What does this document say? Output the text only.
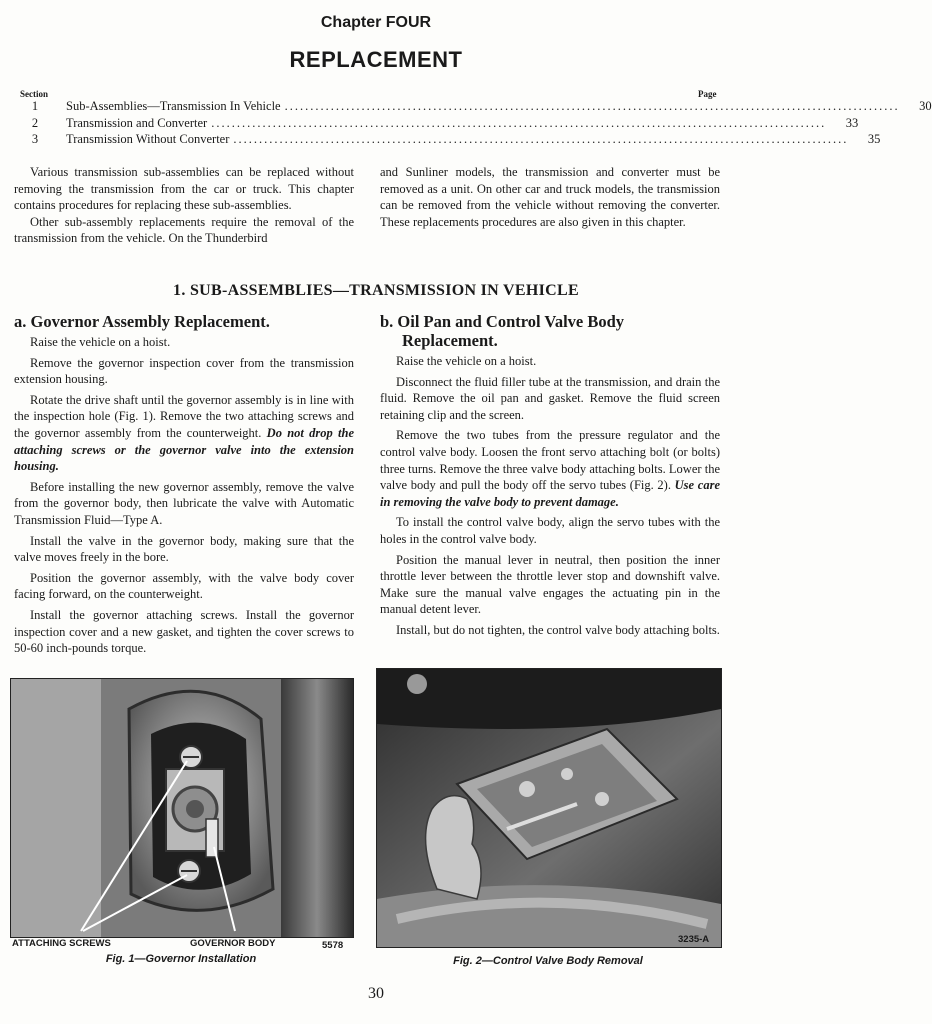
Chapter FOUR
REPLACEMENT
Section	Page
1	Sub-Assemblies—Transmission In Vehicle ........................................................................................................................	30
2	Transmission and Converter ........................................................................................................................	33
3	Transmission Without Converter ........................................................................................................................	35

Various transmission sub-assemblies can be replaced without removing the transmission from the car or truck. This chapter contains procedures for replacing these sub-assemblies.

Other sub-assembly replacements require the removal of the transmission from the vehicle. On the Thunderbird

and Sunliner models, the transmission and converter must be removed as a unit. On other car and truck models, the transmission can be removed from the vehicle without removing the converter. These replacements procedures are also given in this chapter.

1. SUB-ASSEMBLIES—TRANSMISSION IN VEHICLE
a. Governor Assembly Replacement.

Raise the vehicle on a hoist.

Remove the governor inspection cover from the transmission extension housing.

Rotate the drive shaft until the governor assembly is in line with the inspection hole (Fig. 1). Remove the two attaching screws and the governor assembly from the counterweight. Do not drop the attaching screws or the governor valve into the extension housing.

Before installing the new governor assembly, remove the valve from the governor body, then lubricate the valve with Automatic Transmission Fluid—Type A.

Install the valve in the governor body, making sure that the valve moves freely in the bore.

Position the governor assembly, with the valve body cover facing forward, on the counterweight.

Install the governor attaching screws. Install the governor inspection cover and a new gasket, and tighten the cover screws to 50-60 inch-pounds torque.

b. Oil Pan and Control Valve Body
Replacement.

Raise the vehicle on a hoist.

Disconnect the fluid filler tube at the transmission, and drain the fluid. Remove the oil pan and gasket. Remove the fluid screen retaining clip and the screen.

Remove the two tubes from the pressure regulator and the control valve body. Loosen the front servo attaching bolt (or bolts) three turns. Remove the three valve body attaching bolts. Lower the valve body and pull the body off the servo tubes (Fig. 2). Use care in removing the valve body to prevent damage.

To install the control valve body, align the servo tubes with the holes in the control valve body.

Position the manual lever in neutral, then position the inner throttle lever between the throttle lever stop and downshift valve. Make sure the manual valve engages the actuating pin in the manual detent lever.

Install, but do not tighten, the control valve body attaching bolts.

ATTACHING SCREWS	GOVERNOR BODY	5578
Fig. 1—Governor Installation
3235-A
Fig. 2—Control Valve Body Removal
30
